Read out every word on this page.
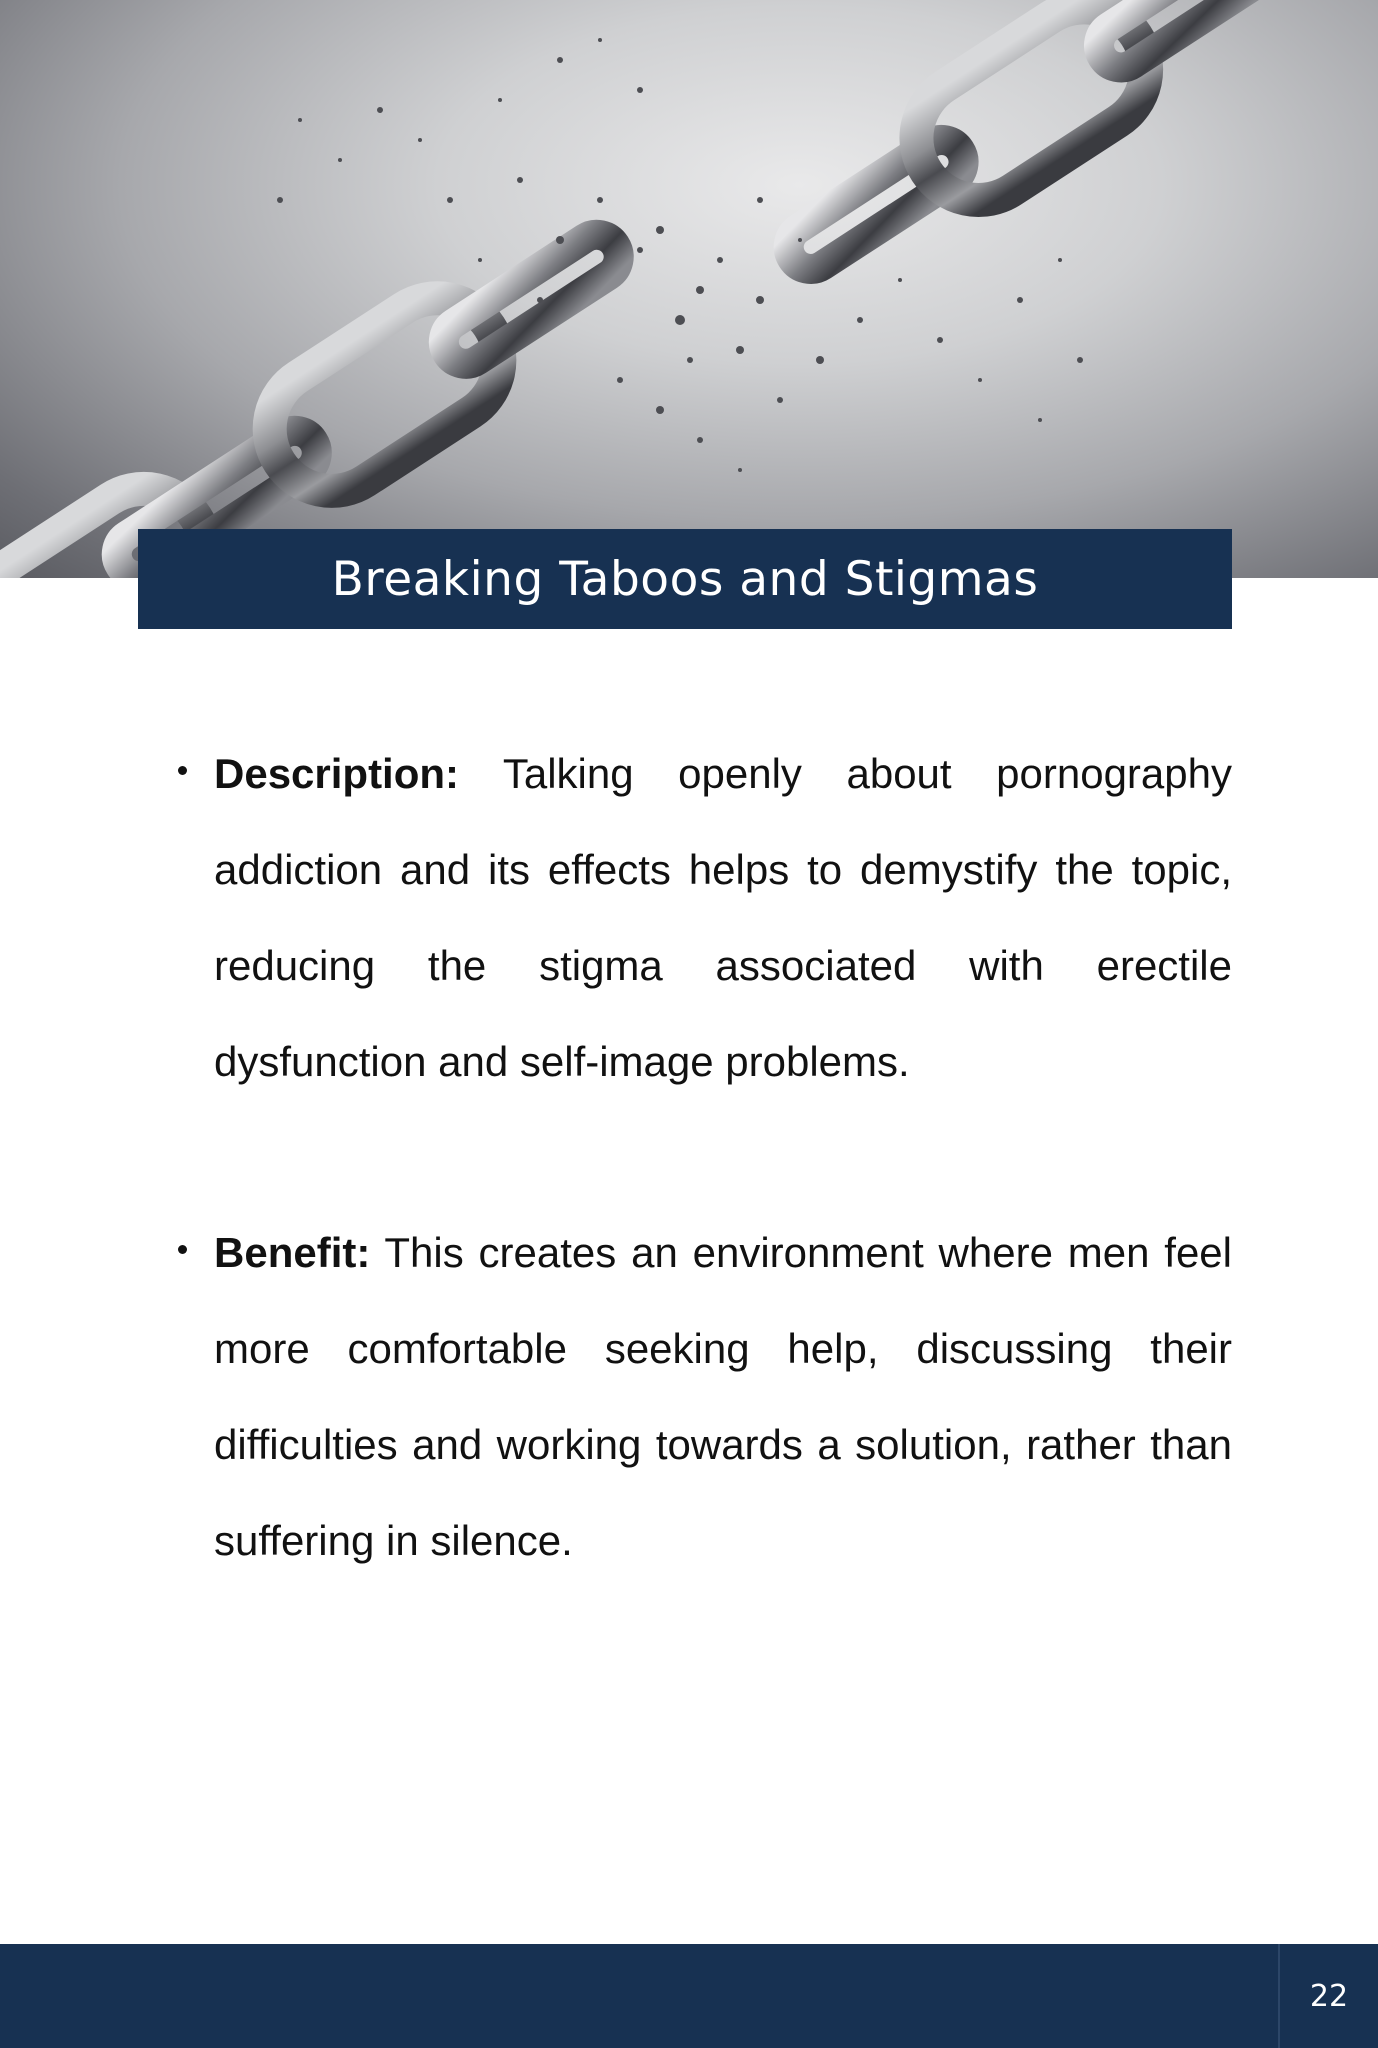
Breaking Taboos and Stigmas

Description: Talking openly about pornography addiction and its effects helps to demystify the topic, reducing the stigma associated with erectile dysfunction and self-image problems.

Benefit: This creates an environment where men feel more comfortable seeking help, discussing their difficulties and working towards a solution, rather than suffering in silence.

22
